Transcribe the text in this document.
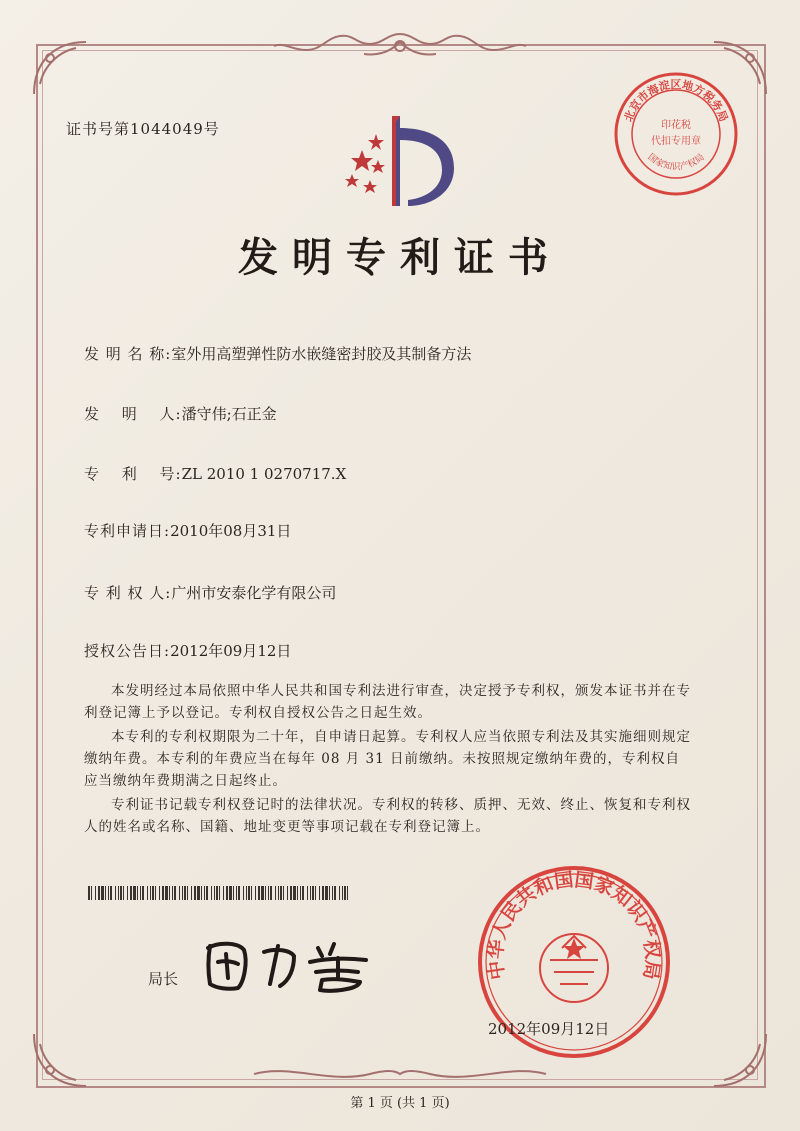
证书号第1044049号
北京市海淀区地方税务局
印花税
代扣专用章
国家知识产权局
发明专利证书
发 明 名 称:室外用高塑弹性防水嵌缝密封胶及其制备方法
发　 明　 人:潘守伟;石正金
专　 利　 号:ZL 2010 1 0270717.X
专利申请日:2010年08月31日
专 利 权 人:广州市安泰化学有限公司
授权公告日:2012年09月12日

本发明经过本局依照中华人民共和国专利法进行审查，决定授予专利权，颁发本证书并在专利登记簿上予以登记。专利权自授权公告之日起生效。

本专利的专利权期限为二十年，自申请日起算。专利权人应当依照专利法及其实施细则规定缴纳年费。本专利的年费应当在每年 08 月 31 日前缴纳。未按照规定缴纳年费的，专利权自应当缴纳年费期满之日起终止。

专利证书记载专利权登记时的法律状况。专利权的转移、质押、无效、终止、恢复和专利权人的姓名或名称、国籍、地址变更等事项记载在专利登记簿上。

局长	中华人民共和国国家知识产权局
2012年09月12日
第 1 页 (共 1 页)
